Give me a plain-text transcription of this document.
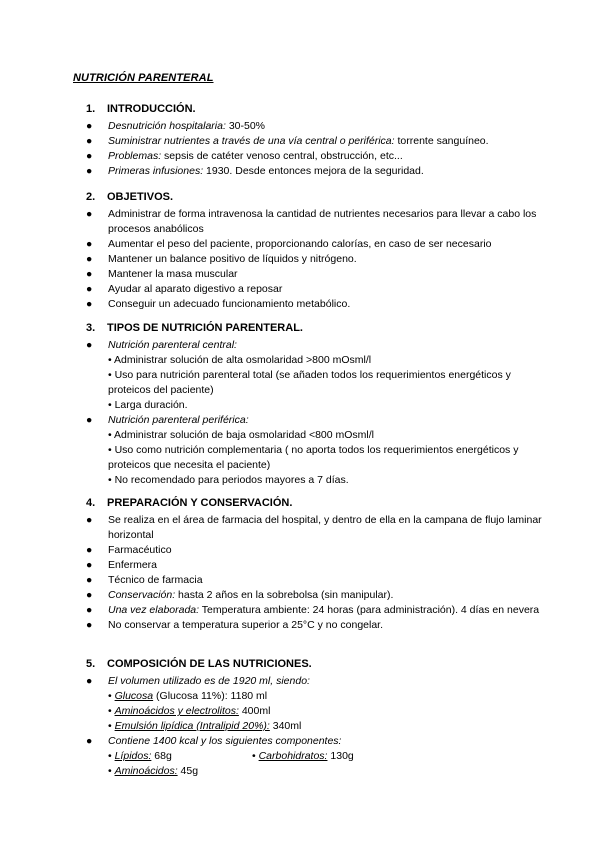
NUTRICIÓN PARENTERAL
1.	INTRODUCCIÓN.
●	Desnutrición hospitalaria: 30-50%
●	Suministrar nutrientes a través de una vía central o periférica: torrente sanguíneo.
●	Problemas: sepsis de catéter venoso central, obstrucción, etc...
●	Primeras infusiones: 1930. Desde entonces mejora de la seguridad.
2.	OBJETIVOS.
●	Administrar de forma intravenosa la cantidad de nutrientes necesarios para llevar a cabo los procesos anabólicos
●	Aumentar el peso del paciente, proporcionando calorías, en caso de ser necesario
●	Mantener un balance positivo de líquidos y nitrógeno.
●	Mantener la masa muscular
●	Ayudar al aparato digestivo a reposar
●	Conseguir un adecuado funcionamiento metabólico.
3.	TIPOS DE NUTRICIÓN PARENTERAL.
●	Nutrición parenteral central:
• Administrar solución de alta osmolaridad >800 mOsml/l
• Uso para nutrición parenteral total (se añaden todos los requerimientos energéticos y proteicos del paciente)
• Larga duración.
●	Nutrición parenteral periférica:
• Administrar solución de baja osmolaridad <800 mOsml/l
• Uso como nutrición complementaria ( no aporta todos los requerimientos energéticos y proteicos que necesita el paciente)
• No recomendado para periodos mayores a 7 días.
4.	PREPARACIÓN Y CONSERVACIÓN.
●	Se realiza en el área de farmacia del hospital, y dentro de ella en la campana de flujo laminar horizontal
●	Farmacéutico
●	Enfermera
●	Técnico de farmacia
●	Conservación: hasta 2 años en la sobrebolsa (sin manipular).
●	Una vez elaborada: Temperatura ambiente: 24 horas (para administración). 4 días en nevera
●	No conservar a temperatura superior a 25°C y no congelar.
5.	COMPOSICIÓN DE LAS NUTRICIONES.
●	El volumen utilizado es de 1920 ml, siendo:
• Glucosa (Glucosa 11%): 1180 ml
• Aminoácidos y electrolitos: 400ml
• Emulsión lipídica (Intralipid 20%): 340ml
●	Contiene 1400 kcal y los siguientes componentes:
• Lípidos: 68g	• Carbohidratos: 130g
• Aminoácidos: 45g
